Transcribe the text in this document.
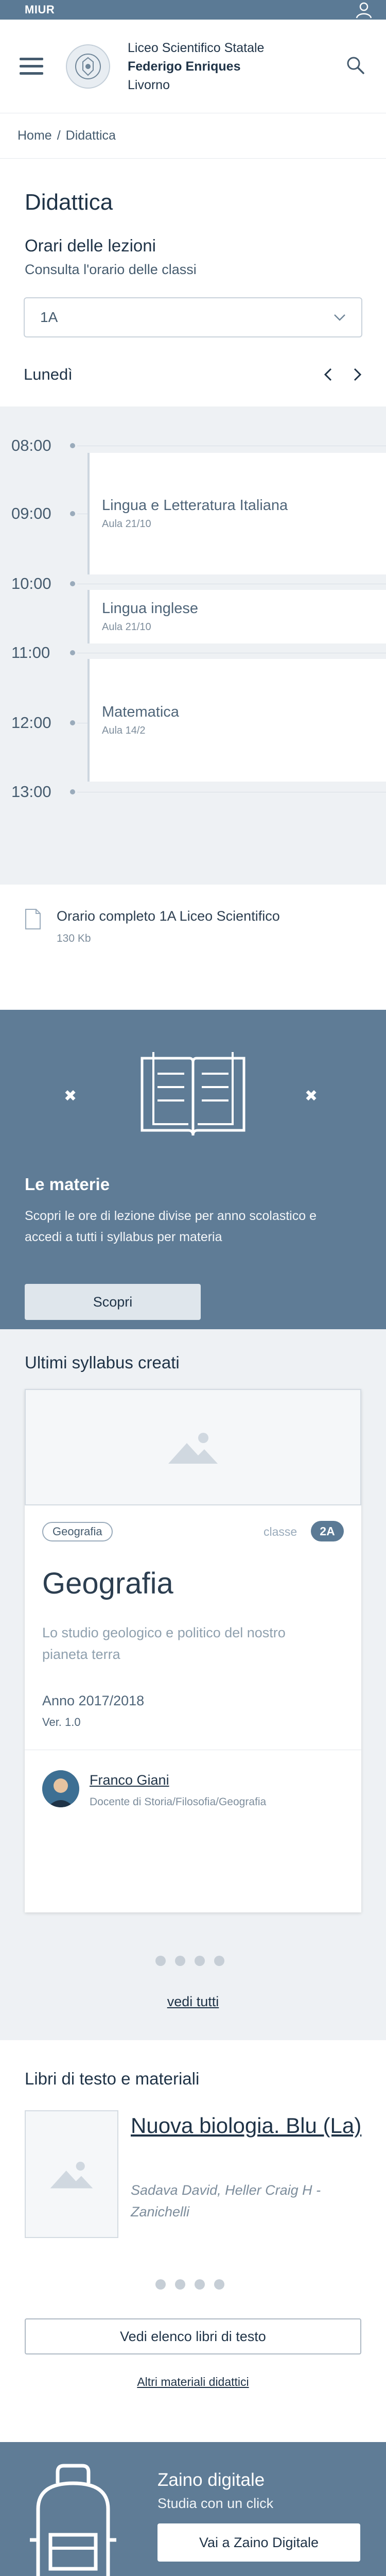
MIUR
Liceo Scientifico Statale
Federigo Enriques
Livorno
Home / Didattica
Didattica
Orari delle lezioni
Consulta l'orario delle classi
1A
Lunedì
08:00
09:00
10:00
11:00
12:00
13:00
Lingua e Letteratura Italiana
Aula 21/10
Lingua inglese
Aula 21/10
Matematica
Aula 14/2
Orario completo 1A Liceo Scientifico
130 Kb
✖	✖
Le materie

Scopri le ore di lezione divise per anno scolastico e accedi a tutti i syllabus per materia

Scopri
Ultimi syllabus creati
Geografia	classe	2A
Geografia
Lo studio geologico e politico del nostro pianeta terra
Anno 2017/2018
Ver. 1.0
Franco Giani
Docente di Storia/Filosofia/Geografia
vedi tutti
Libri di testo e materiali
Nuova biologia. Blu (La)
Sadava David, Heller Craig H - Zanichelli
Vedi elenco libri di testo
Altri materiali didattici
Zaino digitale
Studia con un click
Vai a Zaino Digitale
